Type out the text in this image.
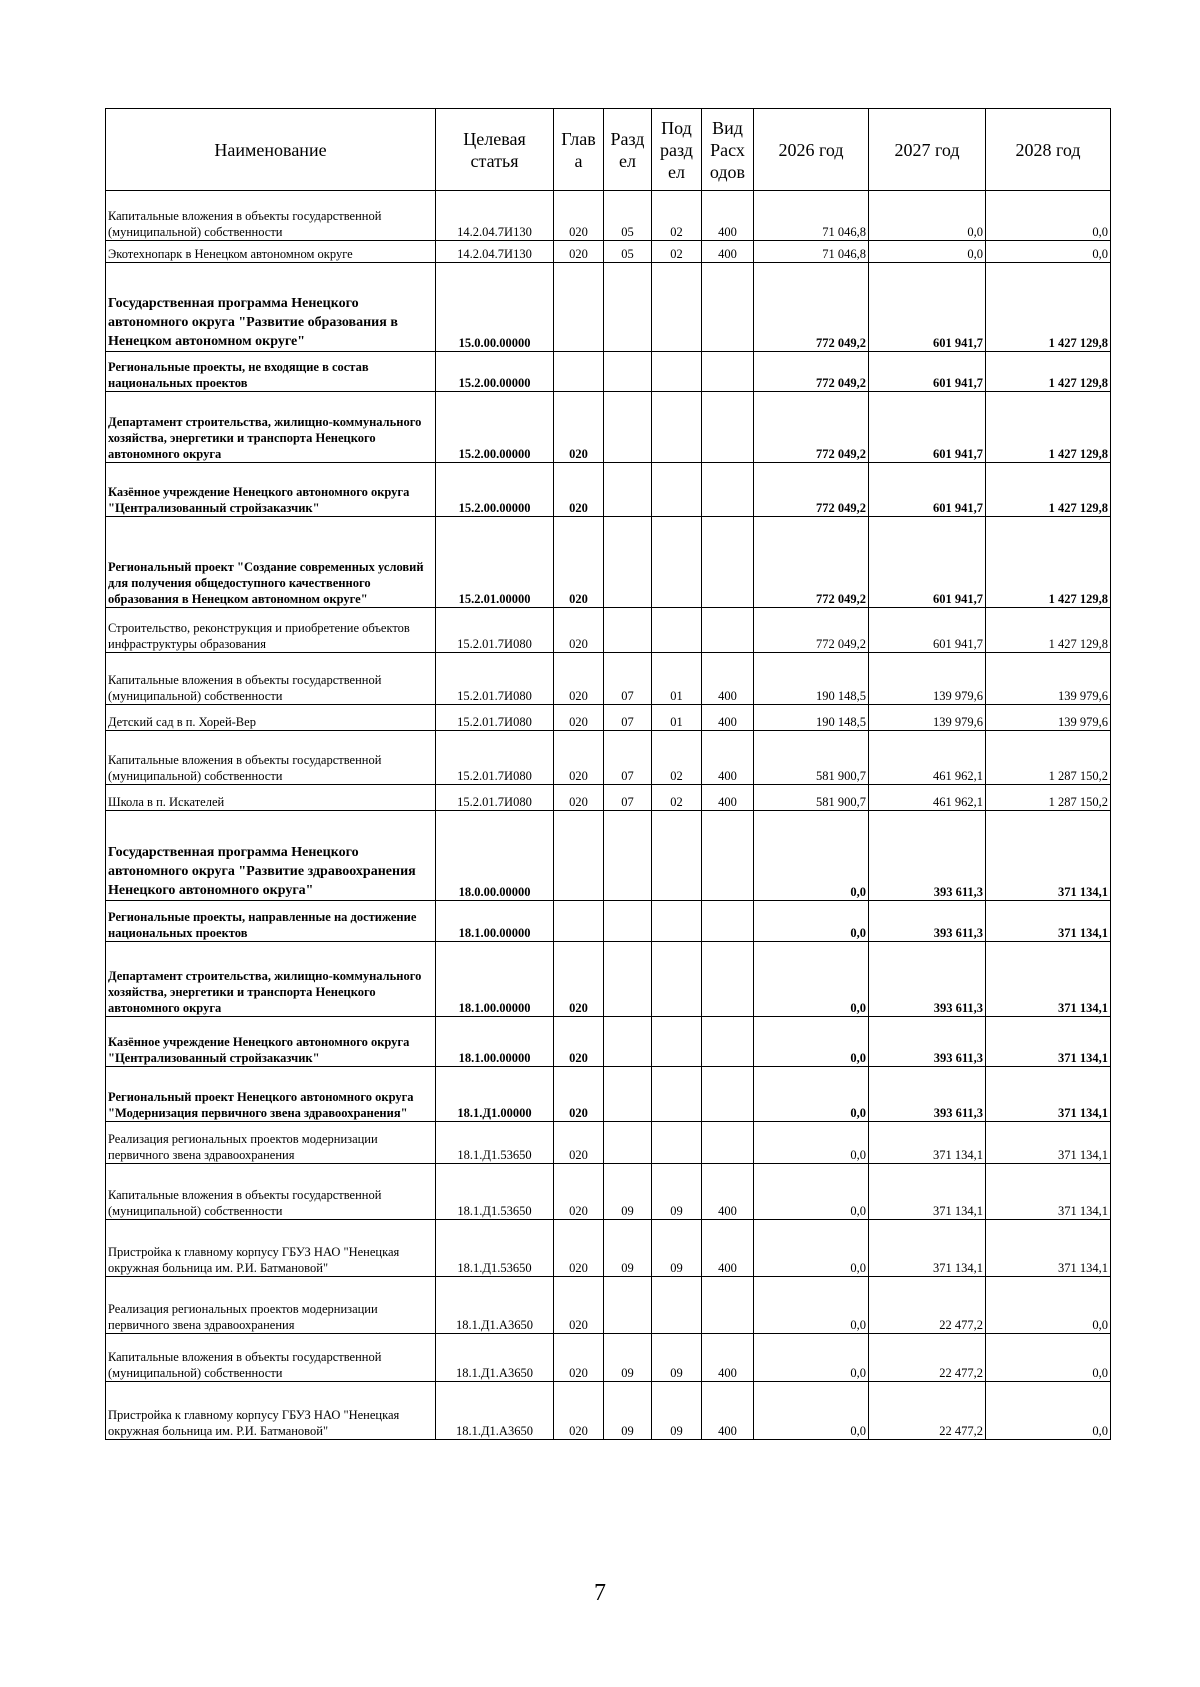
Наименование	Целевая статья	Глав а	Разд ел	Под разд ел	Вид Расх одов	2026 год	2027 год	2028 год

Капитальные вложения в объекты государственной (муниципальной) собственности	14.2.04.7И130	020	05	02	400	71 046,8	0,0	0,0

Экотехнопарк в Ненецком автономном округе	14.2.04.7И130	020	05	02	400	71 046,8	0,0	0,0

Государственная программа Ненецкого автономного округа "Развитие образования в Ненецком автономном округе"	15.0.00.00000					772 049,2	601 941,7	1 427 129,8

Региональные проекты, не входящие в состав национальных проектов	15.2.00.00000					772 049,2	601 941,7	1 427 129,8

Департамент строительства, жилищно-коммунального хозяйства, энергетики и транспорта Ненецкого автономного округа	15.2.00.00000	020				772 049,2	601 941,7	1 427 129,8

Казённое учреждение Ненецкого автономного округа "Централизованный стройзаказчик"	15.2.00.00000	020				772 049,2	601 941,7	1 427 129,8

Региональный проект "Создание современных условий для получения общедоступного качественного образования в Ненецком автономном округе"	15.2.01.00000	020				772 049,2	601 941,7	1 427 129,8

Строительство, реконструкция и приобретение объектов инфраструктуры образования	15.2.01.7И080	020				772 049,2	601 941,7	1 427 129,8

Капитальные вложения в объекты государственной (муниципальной) собственности	15.2.01.7И080	020	07	01	400	190 148,5	139 979,6	139 979,6

Детский сад в п. Хорей-Вер	15.2.01.7И080	020	07	01	400	190 148,5	139 979,6	139 979,6

Капитальные вложения в объекты государственной (муниципальной) собственности	15.2.01.7И080	020	07	02	400	581 900,7	461 962,1	1 287 150,2

Школа в п. Искателей	15.2.01.7И080	020	07	02	400	581 900,7	461 962,1	1 287 150,2

Государственная программа Ненецкого автономного округа "Развитие здравоохранения Ненецкого автономного округа"	18.0.00.00000					0,0	393 611,3	371 134,1

Региональные проекты, направленные на достижение национальных проектов	18.1.00.00000					0,0	393 611,3	371 134,1

Департамент строительства, жилищно-коммунального хозяйства, энергетики и транспорта Ненецкого автономного округа	18.1.00.00000	020				0,0	393 611,3	371 134,1

Казённое учреждение Ненецкого автономного округа "Централизованный стройзаказчик"	18.1.00.00000	020				0,0	393 611,3	371 134,1

Региональный проект Ненецкого автономного округа "Модернизация первичного звена здравоохранения"	18.1.Д1.00000	020				0,0	393 611,3	371 134,1

Реализация региональных проектов модернизации первичного звена здравоохранения	18.1.Д1.53650	020				0,0	371 134,1	371 134,1

Капитальные вложения в объекты государственной (муниципальной) собственности	18.1.Д1.53650	020	09	09	400	0,0	371 134,1	371 134,1

Пристройка к главному корпусу ГБУЗ НАО "Ненецкая окружная больница им. Р.И. Батмановой"	18.1.Д1.53650	020	09	09	400	0,0	371 134,1	371 134,1

Реализация региональных проектов модернизации первичного звена здравоохранения	18.1.Д1.А3650	020				0,0	22 477,2	0,0

Капитальные вложения в объекты государственной (муниципальной) собственности	18.1.Д1.А3650	020	09	09	400	0,0	22 477,2	0,0

Пристройка к главному корпусу ГБУЗ НАО "Ненецкая окружная больница им. Р.И. Батмановой"	18.1.Д1.А3650	020	09	09	400	0,0	22 477,2	0,0
7
